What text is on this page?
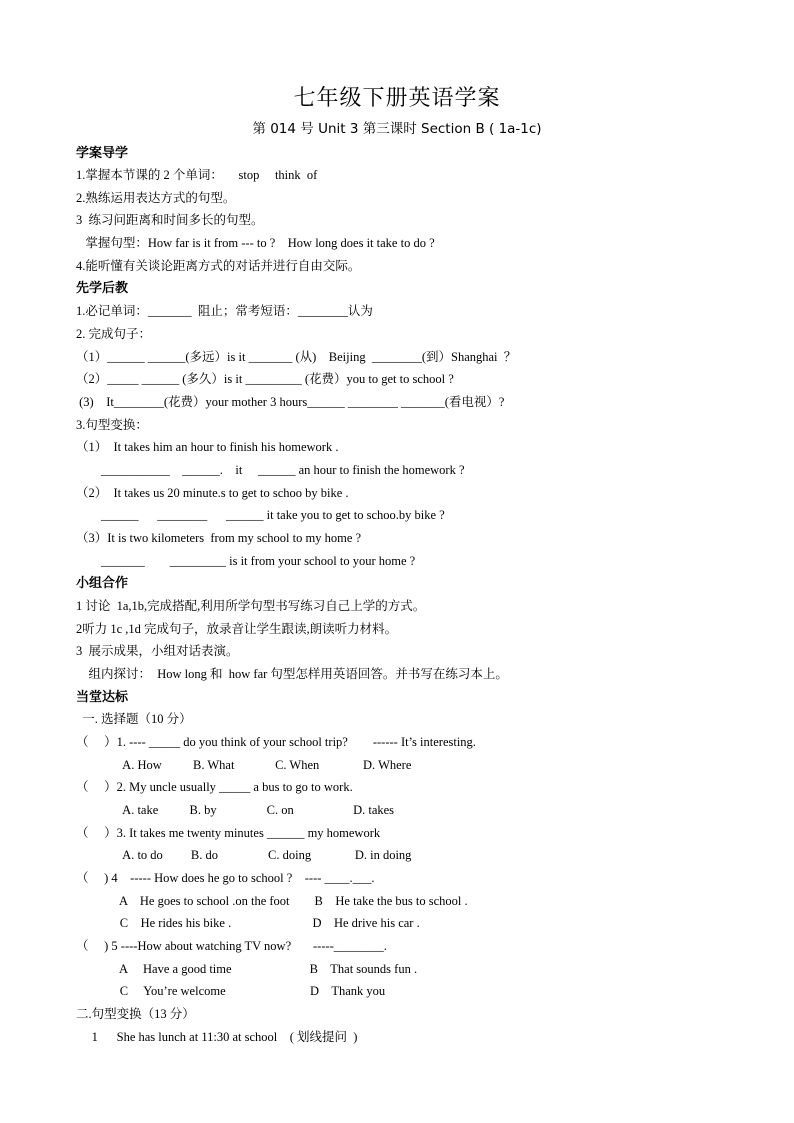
七年级下册英语学案
第 014 号 Unit 3 第三课时 Section B ( 1a-1c)
学案导学
1.掌握本节课的 2 个单词：     stop     think  of
2.熟练运用表达方式的句型。
3  练习问距离和时间多长的句型。
掌握句型：How far is it from --- to ?    How long does it take to do ?
4.能听懂有关谈论距离方式的对话并进行自由交际。
先学后教
1.必记单词：_______  阻止；常考短语：________认为
2. 完成句子：
（1）______ ______(多远）is it _______ (从)    Beijing  ________(到）Shanghai  ？
（2）_____ ______ (多久）is it _________ (花费）you to get to school ?
(3)    It________(花费）your mother 3 hours______ ________ _______(看电视）?
3.句型变换：
（1）  It takes him an hour to finish his homework .
___________    ______.    it     ______ an hour to finish the homework ?
（2）  It takes us 20 minute.s to get to schoo by bike .
______      ________      ______ it take you to get to schoo.by bike ?
（3）It is two kilometers  from my school to my home ?
_______        _________ is it from your school to your home ?
小组合作
1 讨论  1a,1b,完成搭配,利用所学句型书写练习自己上学的方式。
2听力 1c ,1d 完成句子，放录音让学生跟读,朗读听力材料。
3  展示成果，小组对话表演。
组内探讨：  How long 和  how far 句型怎样用英语回答。并书写在练习本上。
当堂达标
一. 选择题（10 分）
（     ）1. ---- _____ do you think of your school trip?        ------ It’s interesting.
A. How          B. What             C. When              D. Where
（     ）2. My uncle usually _____ a bus to go to work.
A. take          B. by                C. on                   D. takes
（     ）3. It takes me twenty minutes ______ my homework
A. to do         B. do                C. doing              D. in doing
（     ) 4    ----- How does he go to school ?    ---- ____.___.
A    He goes to school .on the foot        B    He take the bus to school .
C    He rides his bike .                          D    He drive his car .
（     ) 5 ----How about watching TV now?       -----________.
A     Have a good time                         B    That sounds fun .
C     You’re welcome                           D    Thank you
二.句型变换（13 分）
1      She has lunch at 11:30 at school    ( 划线提问  )
